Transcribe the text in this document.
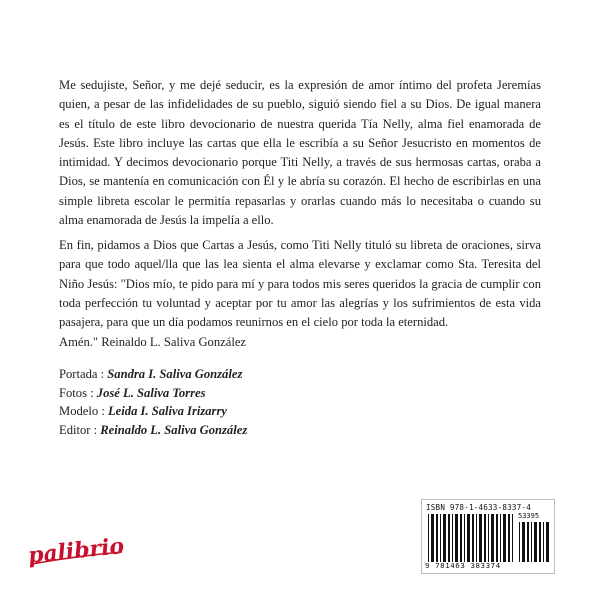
Me sedujiste, Señor, y me dejé seducir, es la expresión de amor íntimo del profeta Jeremías quien, a pesar de las infidelidades de su pueblo, siguió siendo fiel a su Dios. De igual manera es el título de este libro devocionario de nuestra querida Tía Nelly, alma fiel enamorada de Jesús. Este libro incluye las cartas que ella le escribía a su Señor Jesucristo en momentos de intimidad. Y decimos devocionario porque Titi Nelly, a través de sus hermosas cartas, oraba a Dios, se mantenía en comunicación con Él y le abría su corazón. El hecho de escribirlas en una simple libreta escolar le permitía repasarlas y orarlas cuando más lo necesitaba o cuando su alma enamorada de Jesús la impelía a ello.

En fin, pidamos a Dios que Cartas a Jesús, como Titi Nelly tituló su libreta de oraciones, sirva para que todo aquel/lla que las lea sienta el alma elevarse y exclamar como Sta. Teresita del Niño Jesús: "Dios mío, te pido para mí y para todos mis seres queridos la gracia de cumplir con toda perfección tu voluntad y aceptar por tu amor las alegrías y los sufrimientos de esta vida pasajera, para que un día podamos reunirnos en el cielo por toda la eternidad.

Amén." Reinaldo L. Saliva González
Portada : Sandra I. Saliva González
Fotos : José L. Saliva Torres
Modelo : Leida I. Saliva Irizarry
Editor : Reinaldo L. Saliva González
ISBN 978-1-4633-8337-4
53395
9 781463 383374
palibrio
